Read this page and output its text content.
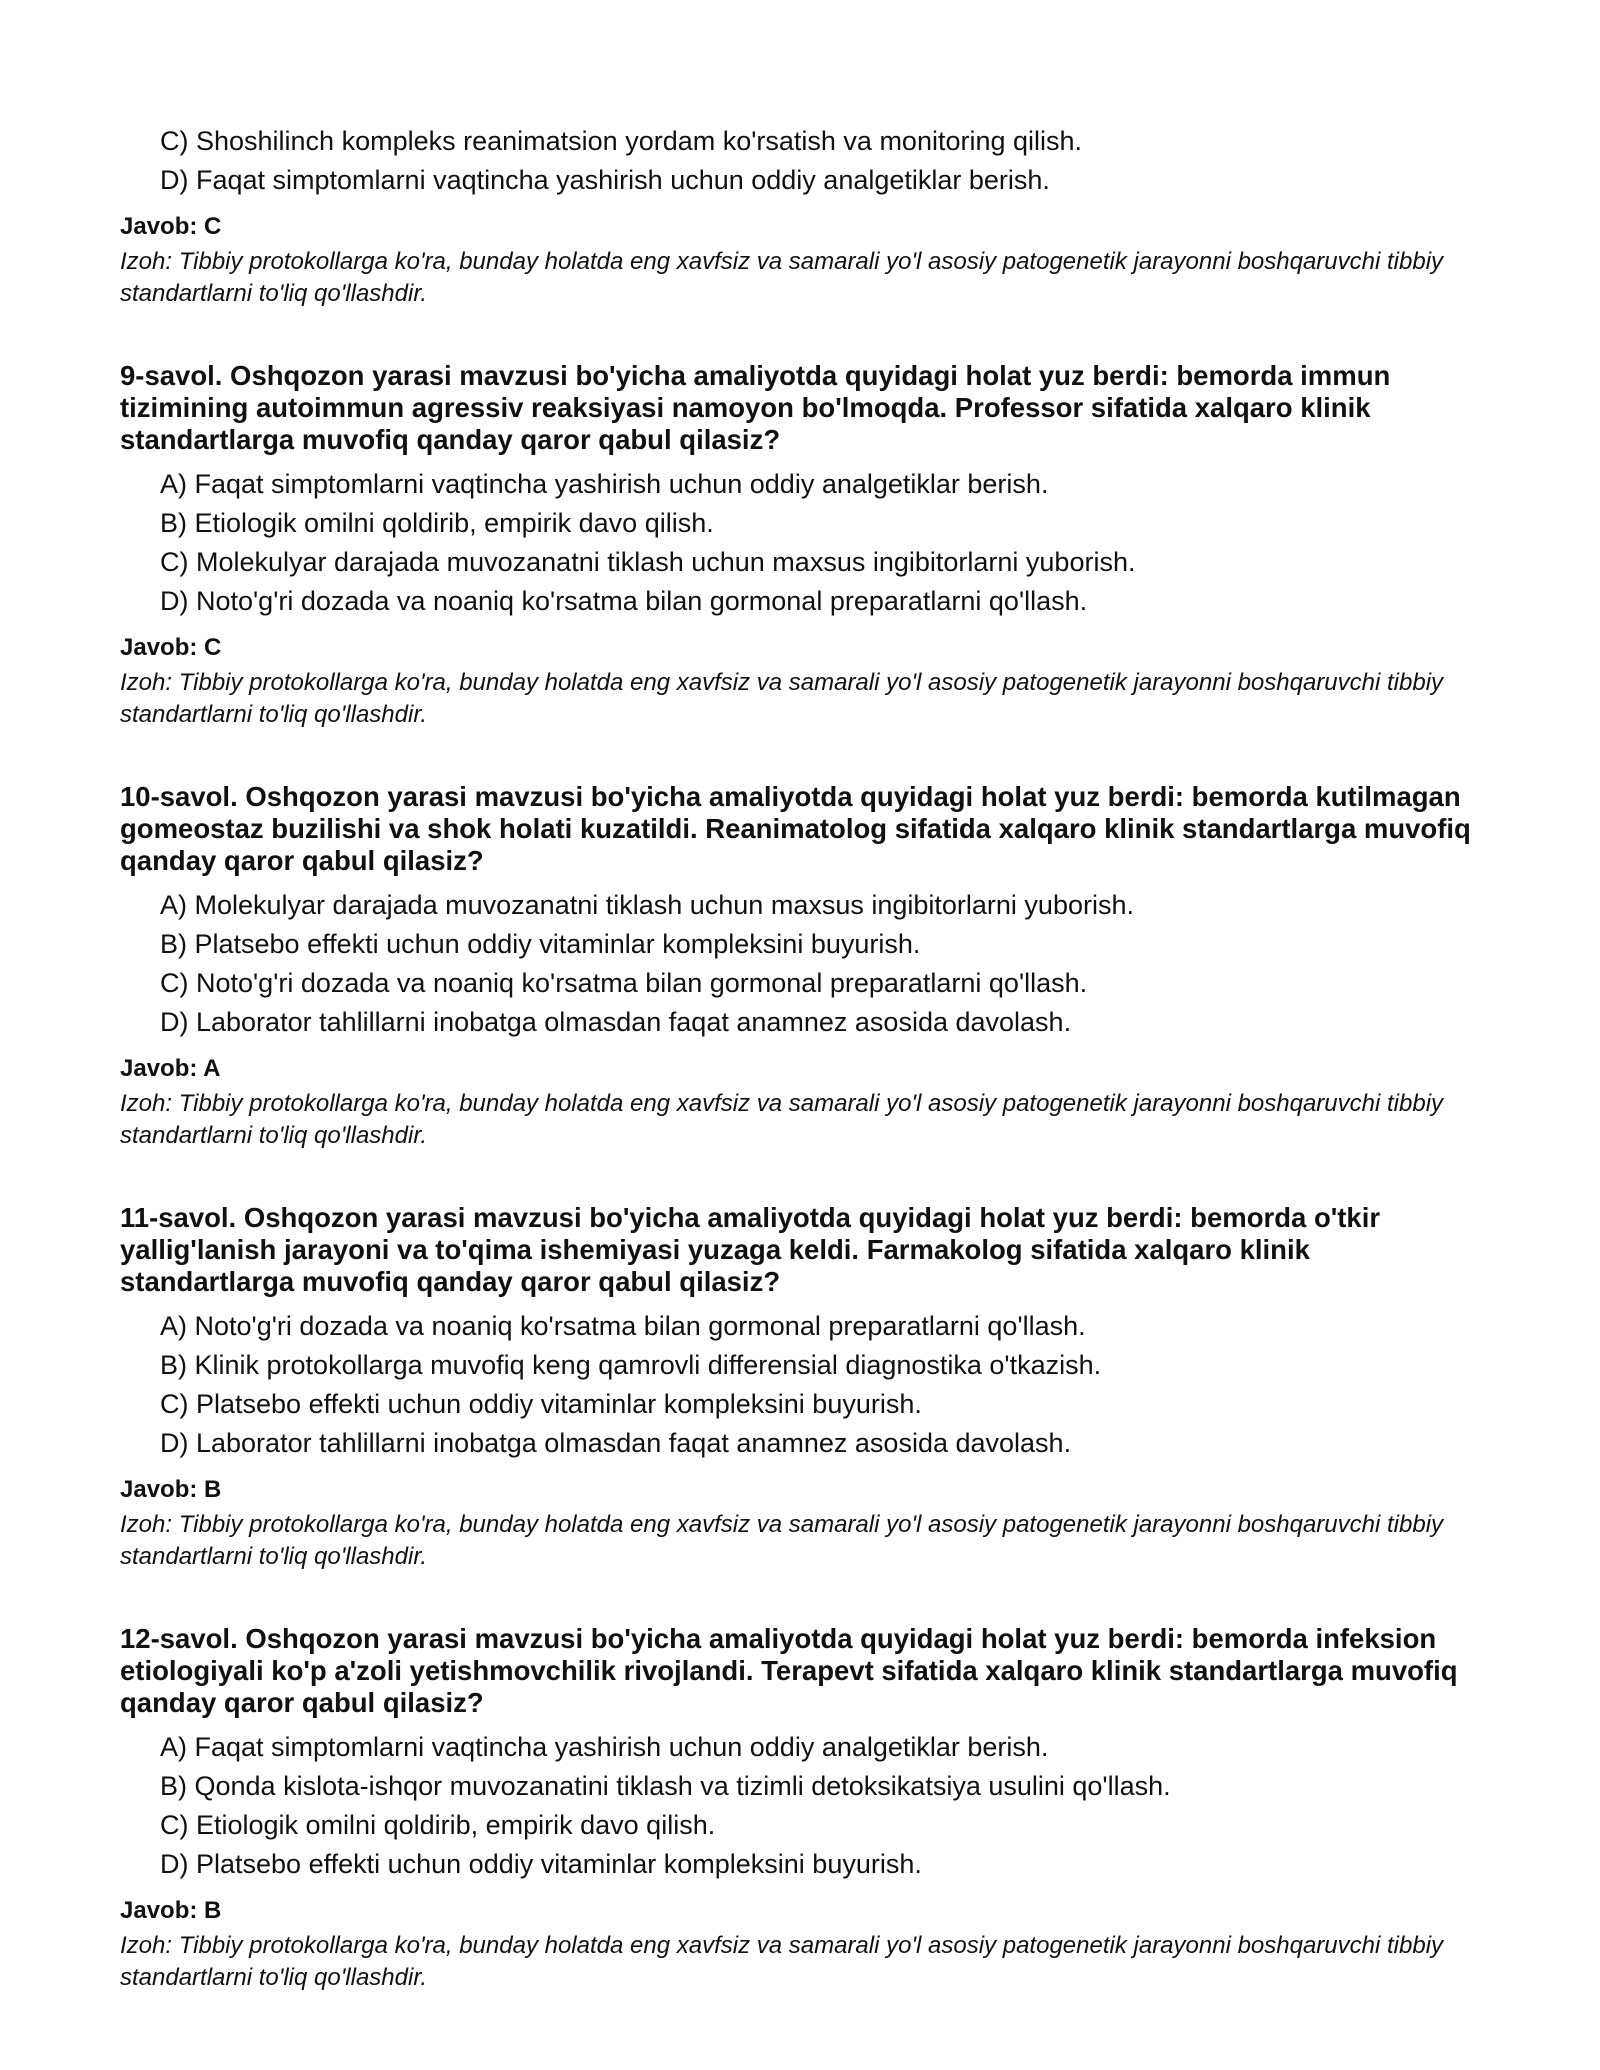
C) Shoshilinch kompleks reanimatsion yordam ko'rsatish va monitoring qilish.

D) Faqat simptomlarni vaqtincha yashirish uchun oddiy analgetiklar berish.

Javob: C

Izoh: Tibbiy protokollarga ko'ra, bunday holatda eng xavfsiz va samarali yo'l asosiy patogenetik jarayonni boshqaruvchi tibbiy standartlarni to'liq qo'llashdir.

9-savol. Oshqozon yarasi mavzusi bo'yicha amaliyotda quyidagi holat yuz berdi: bemorda immun tizimining autoimmun agressiv reaksiyasi namoyon bo'lmoqda. Professor sifatida xalqaro klinik standartlarga muvofiq qanday qaror qabul qilasiz?

A) Faqat simptomlarni vaqtincha yashirish uchun oddiy analgetiklar berish.

B) Etiologik omilni qoldirib, empirik davo qilish.

C) Molekulyar darajada muvozanatni tiklash uchun maxsus ingibitorlarni yuborish.

D) Noto'g'ri dozada va noaniq ko'rsatma bilan gormonal preparatlarni qo'llash.

Javob: C

Izoh: Tibbiy protokollarga ko'ra, bunday holatda eng xavfsiz va samarali yo'l asosiy patogenetik jarayonni boshqaruvchi tibbiy standartlarni to'liq qo'llashdir.

10-savol. Oshqozon yarasi mavzusi bo'yicha amaliyotda quyidagi holat yuz berdi: bemorda kutilmagan gomeostaz buzilishi va shok holati kuzatildi. Reanimatolog sifatida xalqaro klinik standartlarga muvofiq qanday qaror qabul qilasiz?

A) Molekulyar darajada muvozanatni tiklash uchun maxsus ingibitorlarni yuborish.

B) Platsebo effekti uchun oddiy vitaminlar kompleksini buyurish.

C) Noto'g'ri dozada va noaniq ko'rsatma bilan gormonal preparatlarni qo'llash.

D) Laborator tahlillarni inobatga olmasdan faqat anamnez asosida davolash.

Javob: A

Izoh: Tibbiy protokollarga ko'ra, bunday holatda eng xavfsiz va samarali yo'l asosiy patogenetik jarayonni boshqaruvchi tibbiy standartlarni to'liq qo'llashdir.

11-savol. Oshqozon yarasi mavzusi bo'yicha amaliyotda quyidagi holat yuz berdi: bemorda o'tkir yallig'lanish jarayoni va to'qima ishemiyasi yuzaga keldi. Farmakolog sifatida xalqaro klinik standartlarga muvofiq qanday qaror qabul qilasiz?

A) Noto'g'ri dozada va noaniq ko'rsatma bilan gormonal preparatlarni qo'llash.

B) Klinik protokollarga muvofiq keng qamrovli differensial diagnostika o'tkazish.

C) Platsebo effekti uchun oddiy vitaminlar kompleksini buyurish.

D) Laborator tahlillarni inobatga olmasdan faqat anamnez asosida davolash.

Javob: B

Izoh: Tibbiy protokollarga ko'ra, bunday holatda eng xavfsiz va samarali yo'l asosiy patogenetik jarayonni boshqaruvchi tibbiy standartlarni to'liq qo'llashdir.

12-savol. Oshqozon yarasi mavzusi bo'yicha amaliyotda quyidagi holat yuz berdi: bemorda infeksion etiologiyali ko'p a'zoli yetishmovchilik rivojlandi. Terapevt sifatida xalqaro klinik standartlarga muvofiq qanday qaror qabul qilasiz?

A) Faqat simptomlarni vaqtincha yashirish uchun oddiy analgetiklar berish.

B) Qonda kislota-ishqor muvozanatini tiklash va tizimli detoksikatsiya usulini qo'llash.

C) Etiologik omilni qoldirib, empirik davo qilish.

D) Platsebo effekti uchun oddiy vitaminlar kompleksini buyurish.

Javob: B

Izoh: Tibbiy protokollarga ko'ra, bunday holatda eng xavfsiz va samarali yo'l asosiy patogenetik jarayonni boshqaruvchi tibbiy standartlarni to'liq qo'llashdir.
